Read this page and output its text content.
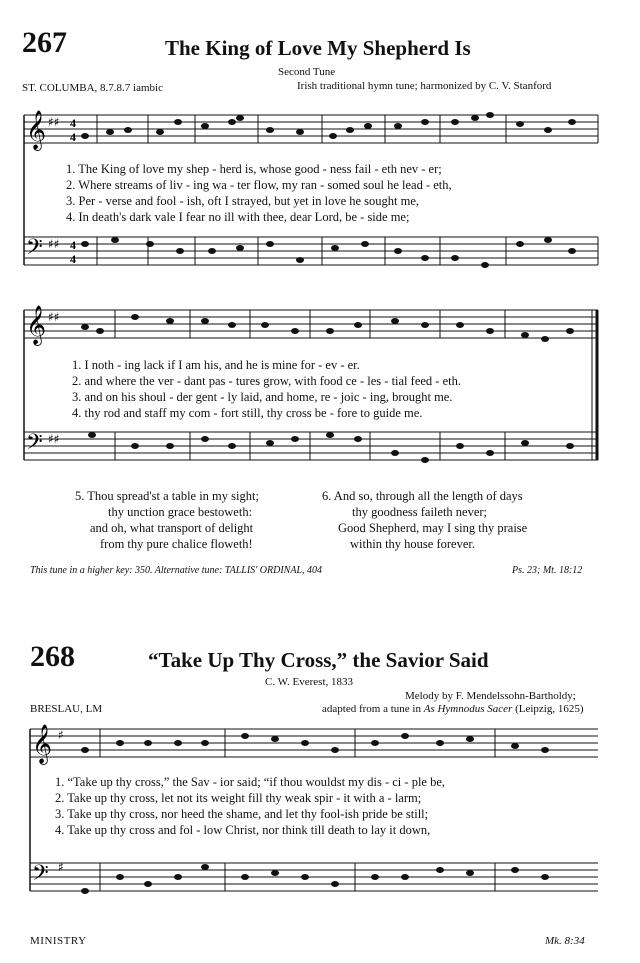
267	The King of Love My Shepherd Is
Second Tune
ST. COLUMBA, 8.7.8.7 iambic	Irish traditional hymn tune; harmonized by C. V. Stanford
𝄞
𝄢
♯♯
♯♯
4
4
4
4
1. The King of love my shep - herd is, whose good - ness fail - eth nev - er;
2. Where streams of liv - ing wa - ter flow, my ran - somed soul he lead - eth,
3. Per - verse and fool - ish, oft I strayed, but yet in love he sought me,
4. In death's dark vale I fear no ill with thee, dear Lord, be - side me;
𝄞
𝄢
♯♯
♯♯
1. I noth - ing lack if I am his, and he is mine for - ev - er.
2. and where the ver - dant pas - tures grow, with food ce - les - tial feed - eth.
3. and on his shoul - der gent - ly laid, and home, re - joic - ing, brought me.
4. thy rod and staff my com - fort still, thy cross be - fore to guide me.
5. Thou spread'st a table in my sight;
thy unction grace bestoweth:
and oh, what transport of delight
from thy pure chalice floweth!
6. And so, through all the length of days
thy goodness faileth never;
Good Shepherd, may I sing thy praise
within thy house forever.
This tune in a higher key: 350. Alternative tune: TALLIS' ORDINAL, 404	Ps. 23; Mt. 18:12
268	“Take Up Thy Cross,” the Savior Said
C. W. Everest, 1833
Melody by F. Mendelssohn-Bartholdy;
adapted from a tune in As Hymnodus Sacer (Leipzig, 1625)
BRESLAU, LM
𝄞
𝄢
♯
♯
1. “Take up thy cross,” the Sav - ior said; “if thou wouldst my dis - ci - ple be,
2. Take up thy cross, let not its weight fill thy weak spir - it with a - larm;
3. Take up thy cross, nor heed the shame, and let thy fool-ish pride be still;
4. Take up thy cross and fol - low Christ, nor think till death to lay it down,
MINISTRY	Mk. 8:34
